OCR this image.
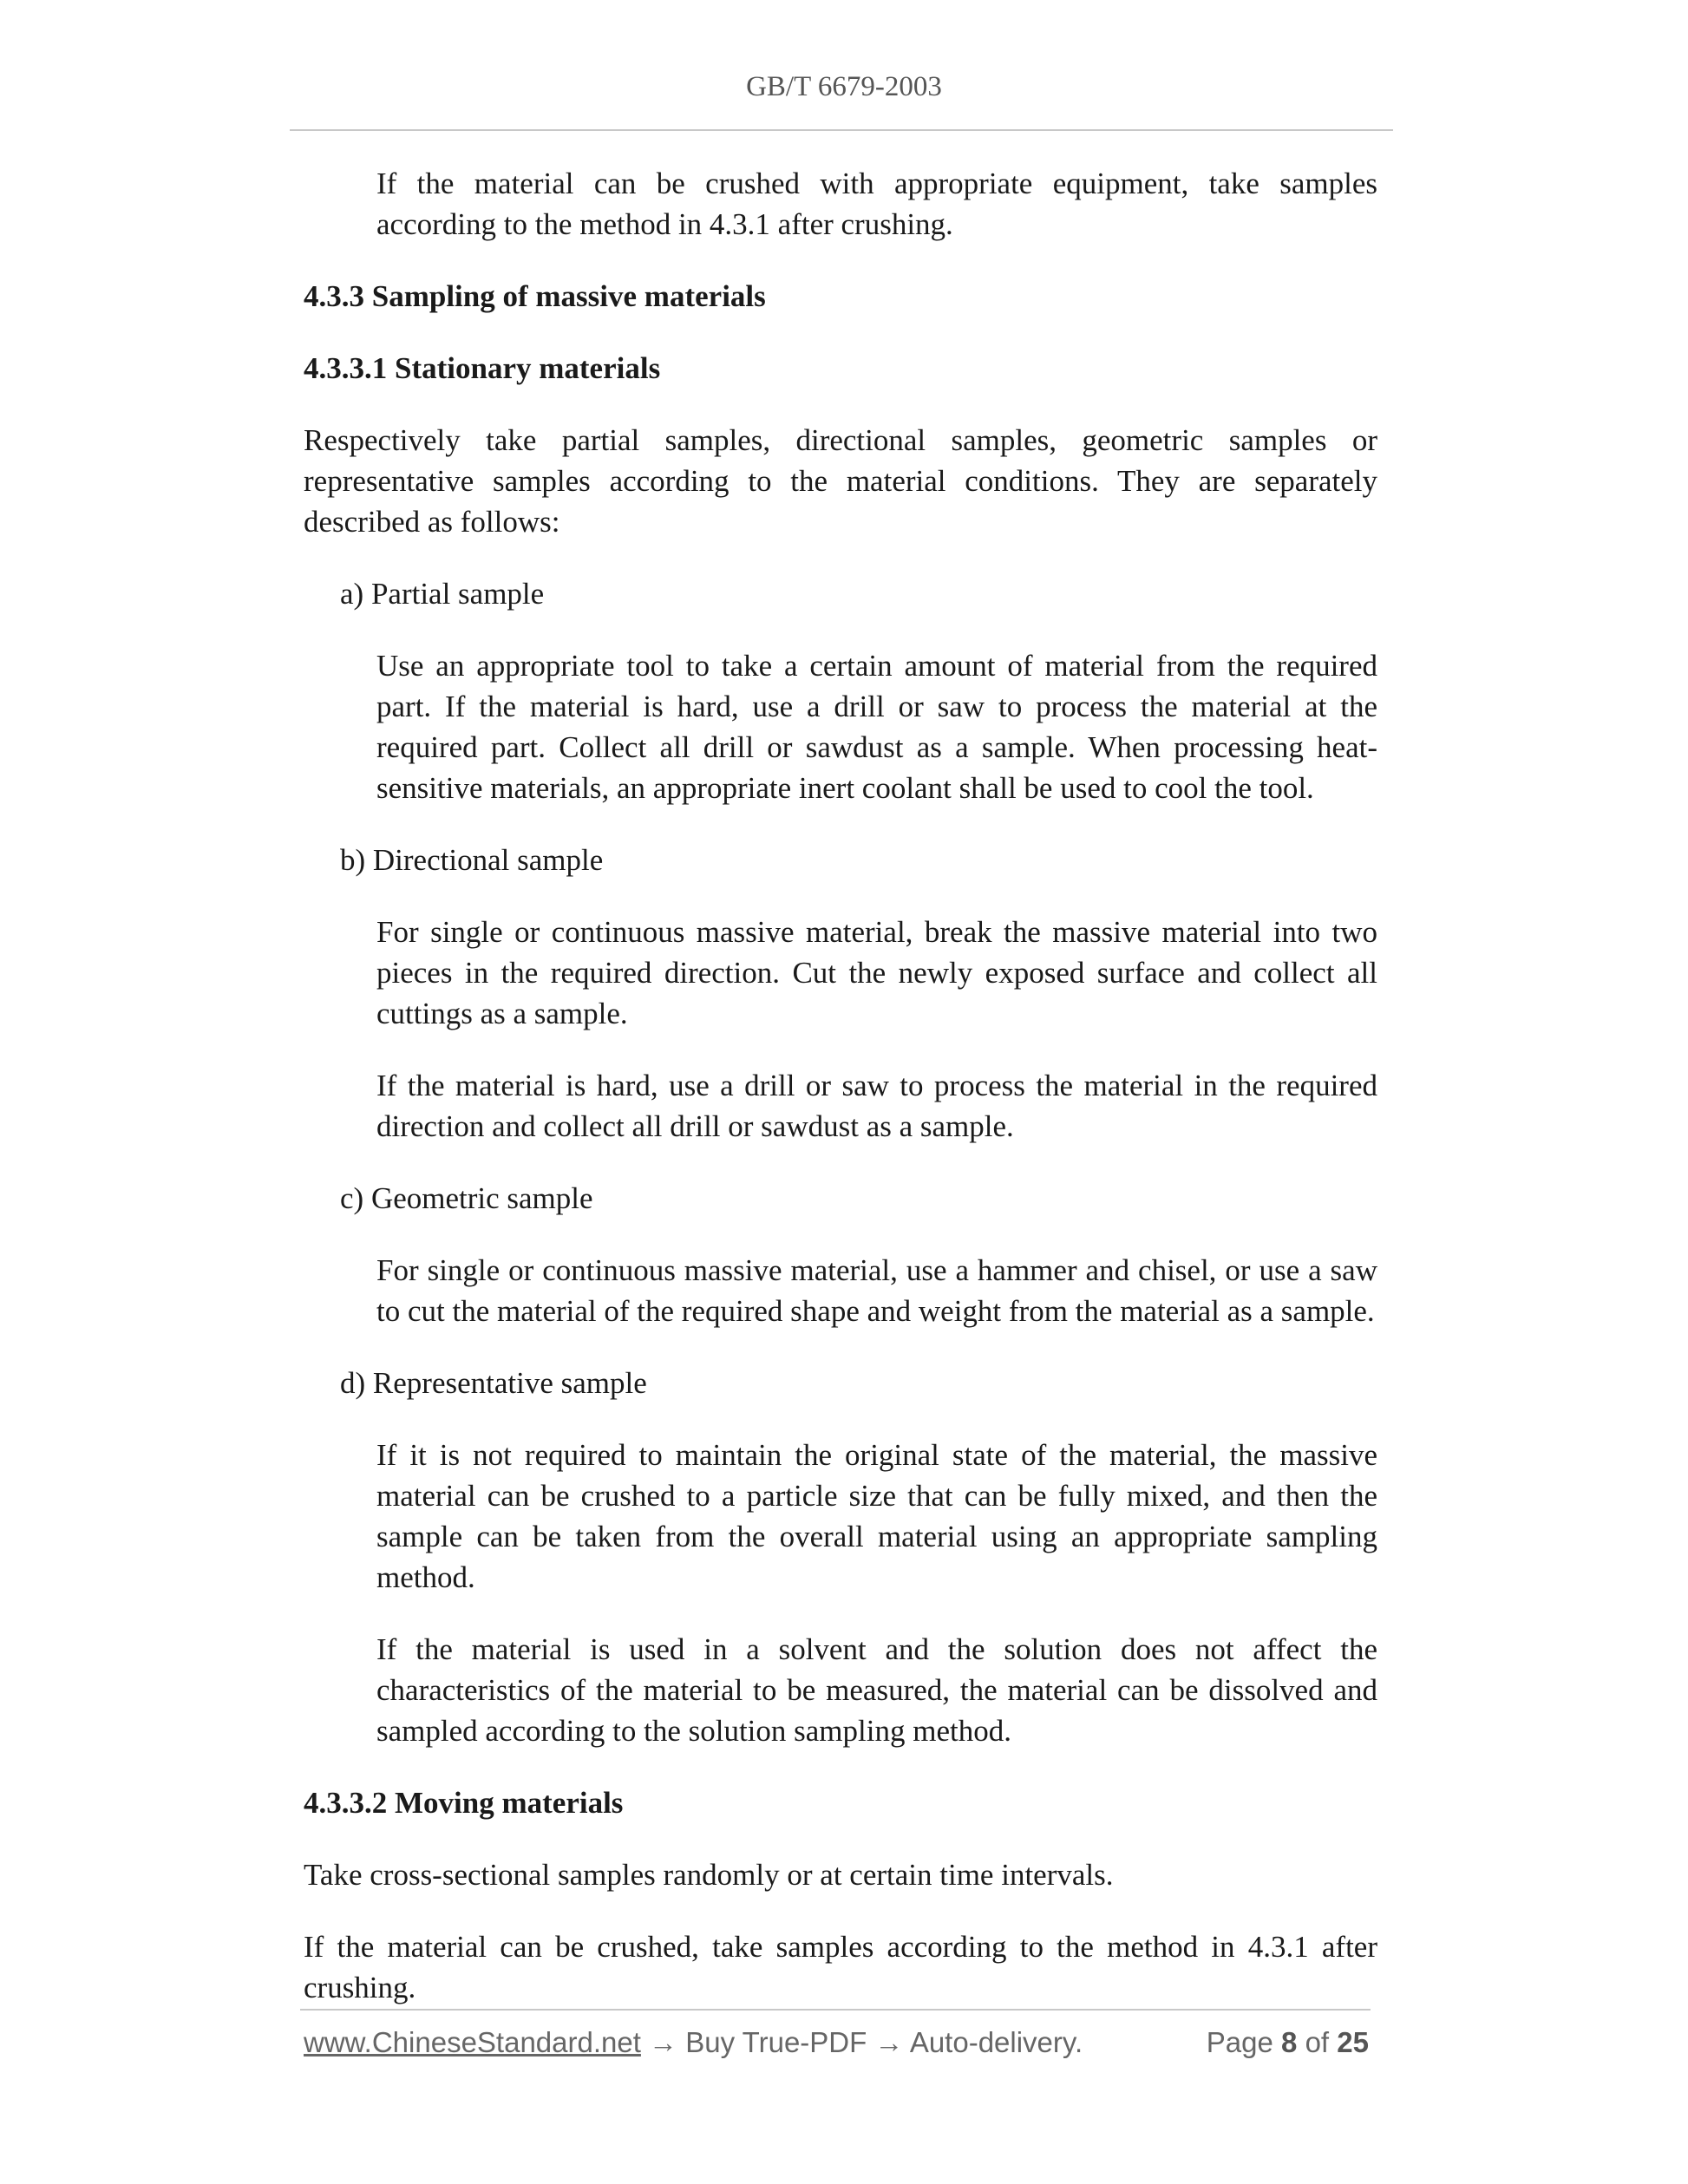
GB/T 6679-2003

If the material can be crushed with appropriate equipment, take samples according to the method in 4.3.1 after crushing.

4.3.3 Sampling of massive materials
4.3.3.1 Stationary materials

Respectively take partial samples, directional samples, geometric samples or representative samples according to the material conditions. They are separately described as follows:

a) Partial sample

Use an appropriate tool to take a certain amount of material from the required part. If the material is hard, use a drill or saw to process the material at the required part. Collect all drill or sawdust as a sample. When processing heat-sensitive materials, an appropriate inert coolant shall be used to cool the tool.

b) Directional sample

For single or continuous massive material, break the massive material into two pieces in the required direction. Cut the newly exposed surface and collect all cuttings as a sample.

If the material is hard, use a drill or saw to process the material in the required direction and collect all drill or sawdust as a sample.

c) Geometric sample

For single or continuous massive material, use a hammer and chisel, or use a saw to cut the material of the required shape and weight from the material as a sample.

d) Representative sample

If it is not required to maintain the original state of the material, the massive material can be crushed to a particle size that can be fully mixed, and then the sample can be taken from the overall material using an appropriate sampling method.

If the material is used in a solvent and the solution does not affect the characteristics of the material to be measured, the material can be dissolved and sampled according to the solution sampling method.

4.3.3.2 Moving materials

Take cross-sectional samples randomly or at certain time intervals.

If the material can be crushed, take samples according to the method in 4.3.1 after crushing.

www.ChineseStandard.net → Buy True-PDF → Auto-delivery.	Page 8 of 25
